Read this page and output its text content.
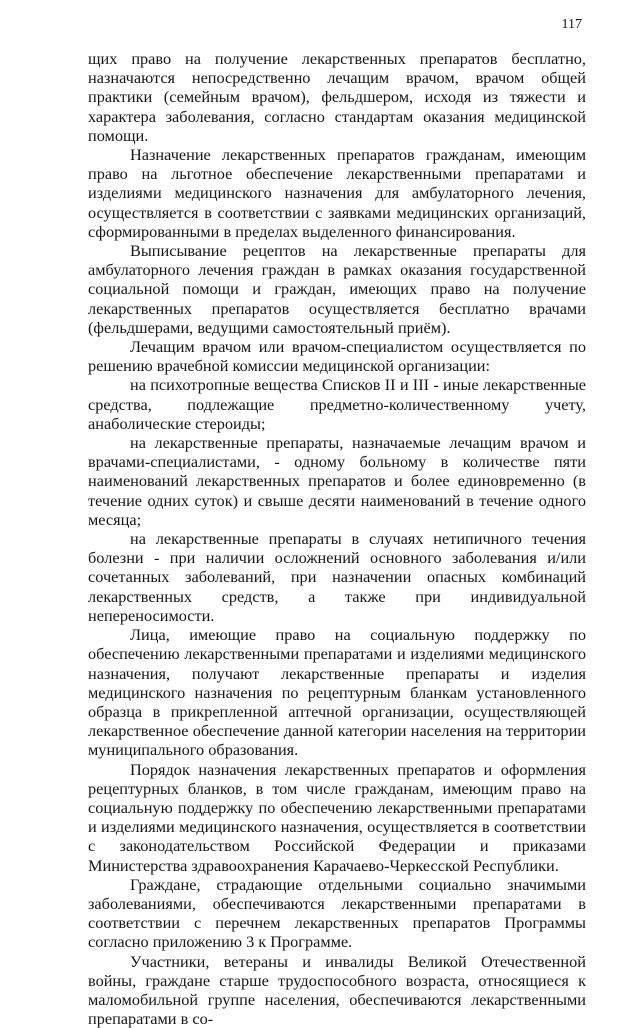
117

щих право на получение лекарственных препаратов бесплатно, назначаются непосредственно лечащим врачом, врачом общей практики (семейным врачом), фельдшером, исходя из тяжести и характера заболевания, согласно стандартам оказания медицинской помощи.

Назначение лекарственных препаратов гражданам, имеющим право на льготное обеспечение лекарственными препаратами и изделиями медицинского назначения для амбулаторного лечения, осуществляется в соответствии с заявками медицинских организаций, сформированными в пределах выделенного финансирования.

Выписывание рецептов на лекарственные препараты для амбулаторного лечения граждан в рамках оказания государственной социальной помощи и граждан, имеющих право на получение лекарственных препаратов осуществляется бесплатно врачами (фельдшерами, ведущими самостоятельный приём).

Лечащим врачом или врачом-специалистом осуществляется по решению врачебной комиссии медицинской организации:

на психотропные вещества Списков II и III - иные лекарственные средства, подлежащие предметно-количественному учету, анаболические стероиды;

на лекарственные препараты, назначаемые лечащим врачом и врачами-специалистами, - одному больному в количестве пяти наименований лекарственных препаратов и более единовременно (в течение одних суток) и свыше десяти наименований в течение одного месяца;

на лекарственные препараты в случаях нетипичного течения болезни - при наличии осложнений основного заболевания и/или сочетанных заболеваний, при назначении опасных комбинаций лекарственных средств, а также при индивидуальной непереносимости.

Лица, имеющие право на социальную поддержку по обеспечению лекарственными препаратами и изделиями медицинского назначения, получают лекарственные препараты и изделия медицинского назначения по рецептурным бланкам установленного образца в прикрепленной аптечной организации, осуществляющей лекарственное обеспечение данной категории населения на территории муниципального образования.

Порядок назначения лекарственных препаратов и оформления рецептурных бланков, в том числе гражданам, имеющим право на социальную поддержку по обеспечению лекарственными препаратами и изделиями медицинского назначения, осуществляется в соответствии с законодательством Российской Федерации и приказами Министерства здравоохранения Карачаево-Черкесской Республики.

Граждане, страдающие отдельными социально значимыми заболеваниями, обеспечиваются лекарственными препаратами в соответствии с перечнем лекарственных препаратов Программы согласно приложению 3 к Программе.

Участники, ветераны и инвалиды Великой Отечественной войны, граждане старше трудоспособного возраста, относящиеся к маломобильной группе населения, обеспечиваются лекарственными препаратами в со-
